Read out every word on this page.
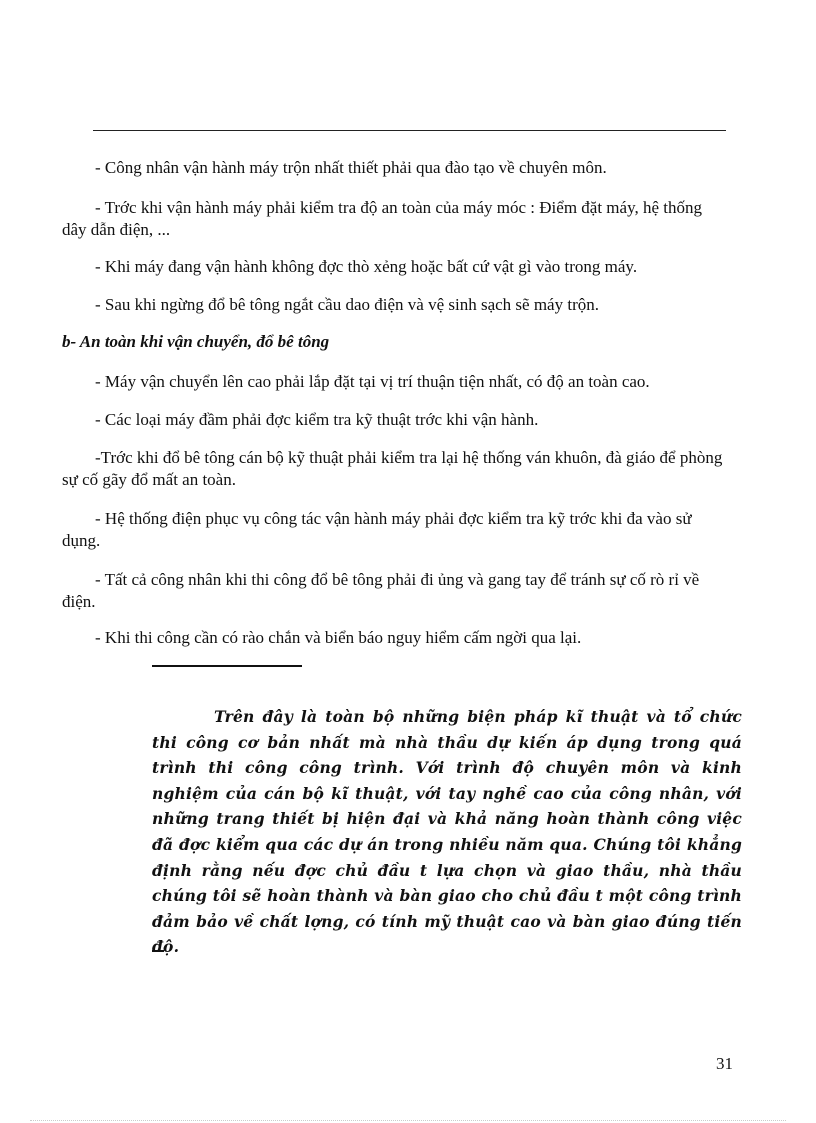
- Công nhân vận hành máy trộn nhất thiết phải qua đào tạo về chuyên môn.

- Trớc khi vận hành máy phải kiểm tra độ an toàn của máy móc : Điểm đặt máy, hệ thống dây dẫn điện, ...

- Khi máy đang vận hành không đợc thò xẻng hoặc bất cứ vật gì vào trong máy.

- Sau khi ngừng đổ bê tông ngắt cầu dao điện và vệ sinh sạch sẽ máy trộn.

b- An toàn khi vận chuyển, đổ bê tông

- Máy vận chuyển lên cao phải lắp đặt tại vị trí thuận tiện nhất, có độ an toàn cao.

- Các loại máy đầm phải đợc kiểm tra kỹ thuật trớc khi vận hành.

-Trớc khi đổ bê tông cán bộ kỹ thuật phải kiểm tra lại hệ thống ván khuôn, đà giáo để phòng sự cố gãy đổ mất an toàn.

- Hệ thống điện phục vụ công tác vận hành máy phải đợc kiểm tra kỹ trớc khi đa vào sử dụng.

- Tất cả công nhân khi thi công đổ bê tông phải đi ủng và gang tay để tránh sự cố rò rỉ về điện.

- Khi thi công cần có rào chắn và biển báo nguy hiểm cấm ngời qua lại.

Trên đây là toàn bộ những biện pháp kĩ thuật và tổ chức thi công cơ bản nhất mà nhà thầu dự kiến áp dụng trong quá trình thi công công trình. Với trình độ chuyên môn và kinh nghiệm của cán bộ kĩ thuật, với tay nghề cao của công nhân, với những trang thiết bị hiện đại và khả năng hoàn thành công việc đã đợc kiểm qua các dự án trong nhiều năm qua. Chúng tôi khẳng định rằng nếu đợc chủ đầu t lựa chọn và giao thầu, nhà thầu chúng tôi sẽ hoàn thành và bàn giao cho chủ đầu t một công trình đảm bảo về chất lợng, có tính mỹ thuật cao và bàn giao đúng tiến độ.

31
